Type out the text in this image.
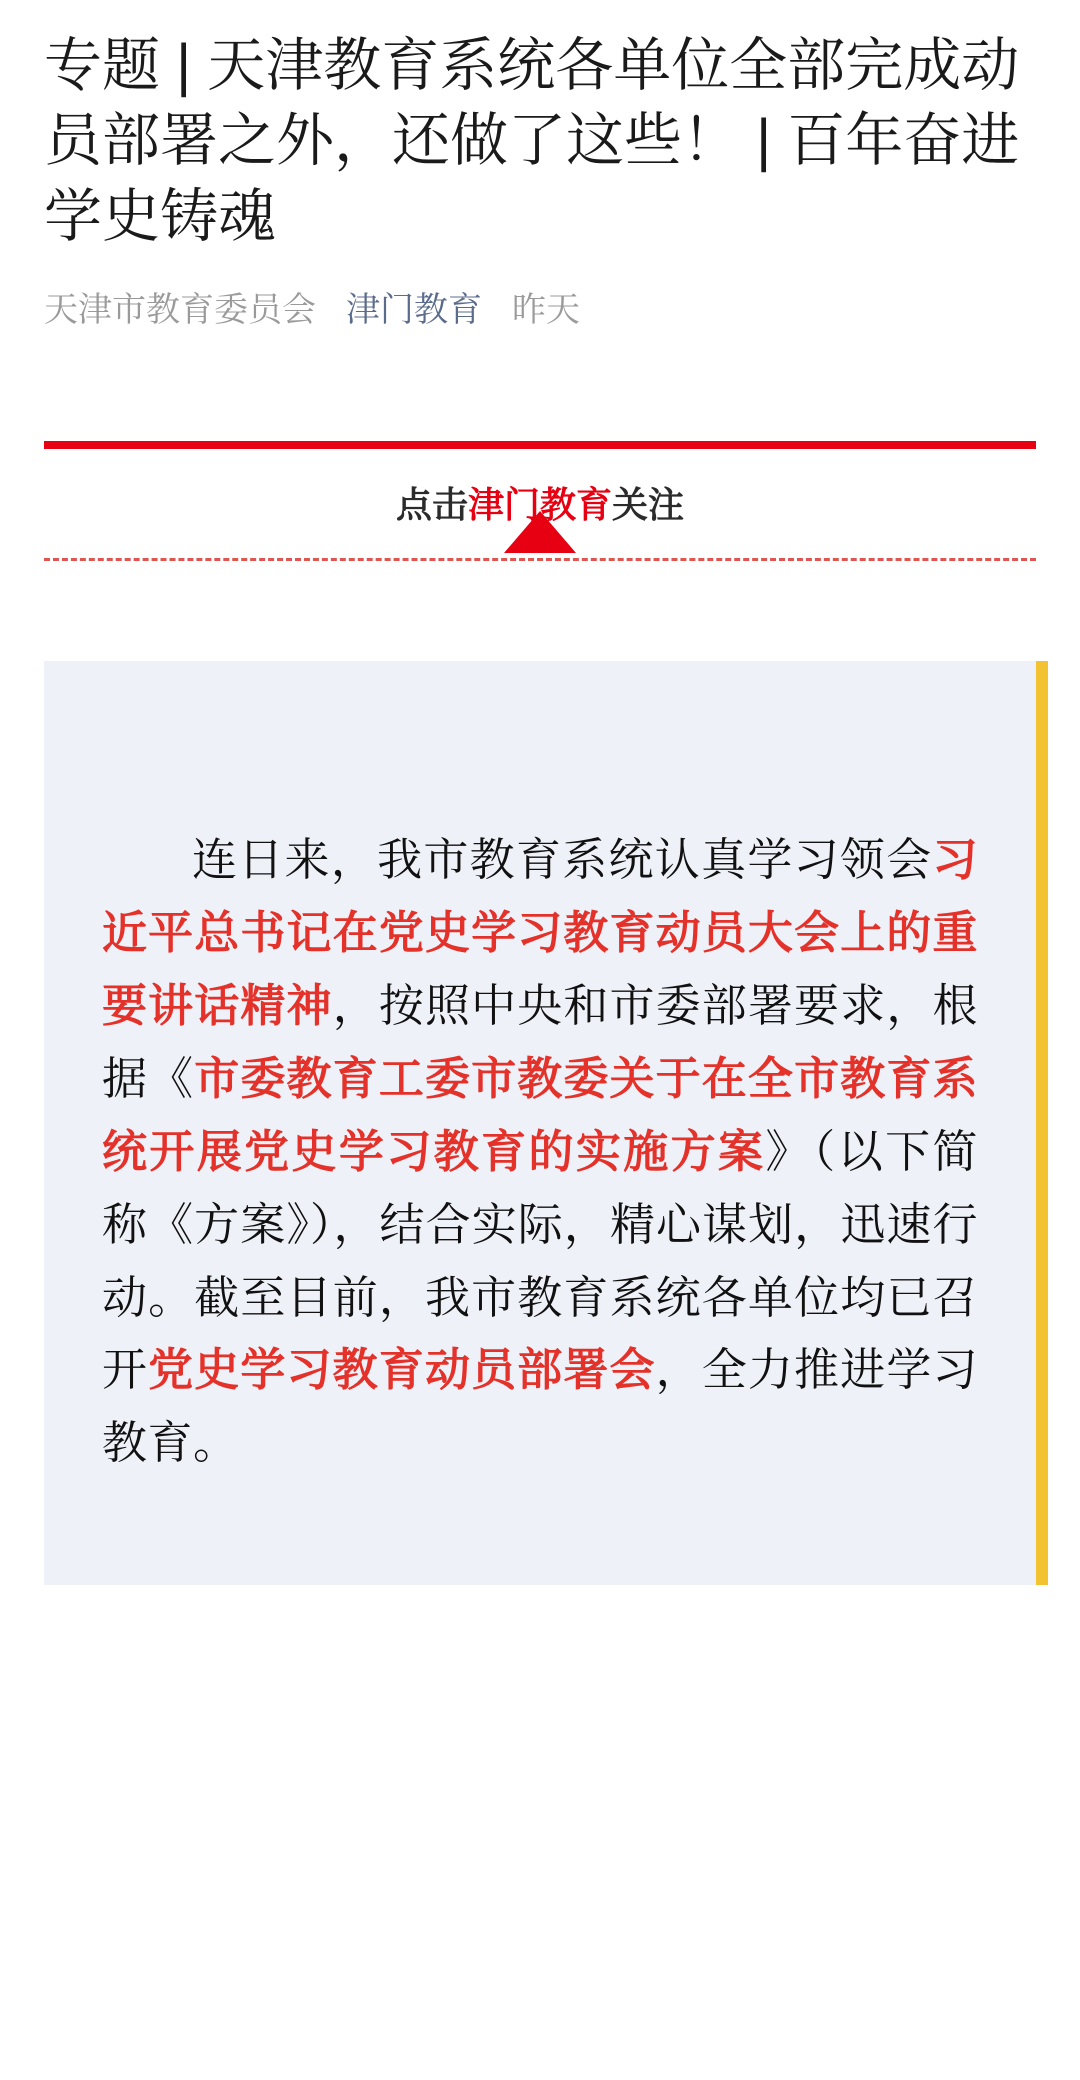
专题 | 天津教育系统各单位全部完成动员部署之外，还做了这些！ | 百年奋进 学史铸魂
天津市教育委员会 津门教育 昨天
点击津门教育关注

连日来，我市教育系统认真学习领会习近平总书记在党史学习教育动员大会上的重要讲话精神，按照中央和市委部署要求，根据《市委教育工委市教委关于在全市教育系统开展党史学习教育的实施方案》（以下简称《方案》），结合实际，精心谋划，迅速行动。截至目前，我市教育系统各单位均已召开党史学习教育动员部署会，全力推进学习教育。
